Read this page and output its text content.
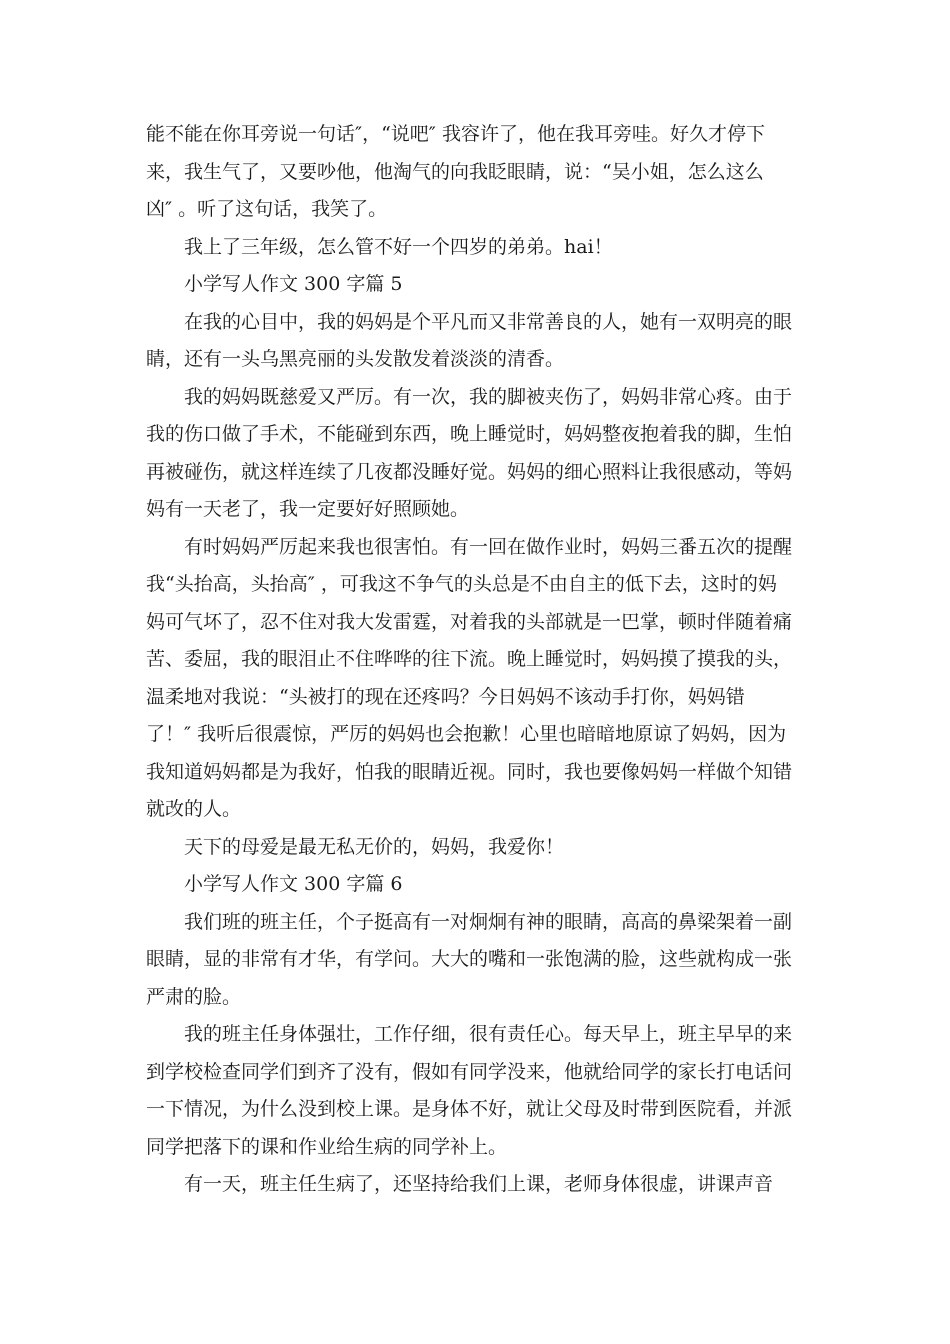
能不能在你耳旁说一句话″，“说吧″ 我容许了，他在我耳旁哇。好久才停下
来，我生气了，又要吵他，他淘气的向我眨眼睛，说：“吴小姐，怎么这么
凶″ 。听了这句话，我笑了。
我上了三年级，怎么管不好一个四岁的弟弟。hai！
小学写人作文 300 字篇 5
在我的心目中，我的妈妈是个平凡而又非常善良的人，她有一双明亮的眼
睛，还有一头乌黑亮丽的头发散发着淡淡的清香。
我的妈妈既慈爱又严厉。有一次，我的脚被夹伤了，妈妈非常心疼。由于
我的伤口做了手术，不能碰到东西，晚上睡觉时，妈妈整夜抱着我的脚，生怕
再被碰伤，就这样连续了几夜都没睡好觉。妈妈的细心照料让我很感动，等妈
妈有一天老了，我一定要好好照顾她。
有时妈妈严厉起来我也很害怕。有一回在做作业时，妈妈三番五次的提醒
我“头抬高，头抬高″ ，可我这不争气的头总是不由自主的低下去，这时的妈
妈可气坏了，忍不住对我大发雷霆，对着我的头部就是一巴掌，顿时伴随着痛
苦、委屈，我的眼泪止不住哗哗的往下流。晚上睡觉时，妈妈摸了摸我的头，
温柔地对我说：“头被打的现在还疼吗？今日妈妈不该动手打你，妈妈错
了！″ 我听后很震惊，严厉的妈妈也会抱歉！心里也暗暗地原谅了妈妈，因为
我知道妈妈都是为我好，怕我的眼睛近视。同时，我也要像妈妈一样做个知错
就改的人。
天下的母爱是最无私无价的，妈妈，我爱你！
小学写人作文 300 字篇 6
我们班的班主任，个子挺高有一对炯炯有神的眼睛，高高的鼻梁架着一副
眼睛，显的非常有才华，有学问。大大的嘴和一张饱满的脸，这些就构成一张
严肃的脸。
我的班主任身体强壮，工作仔细，很有责任心。每天早上，班主早早的来
到学校检查同学们到齐了没有，假如有同学没来，他就给同学的家长打电话问
一下情况，为什么没到校上课。是身体不好，就让父母及时带到医院看，并派
同学把落下的课和作业给生病的同学补上。
有一天，班主任生病了，还坚持给我们上课，老师身体很虚，讲课声音
